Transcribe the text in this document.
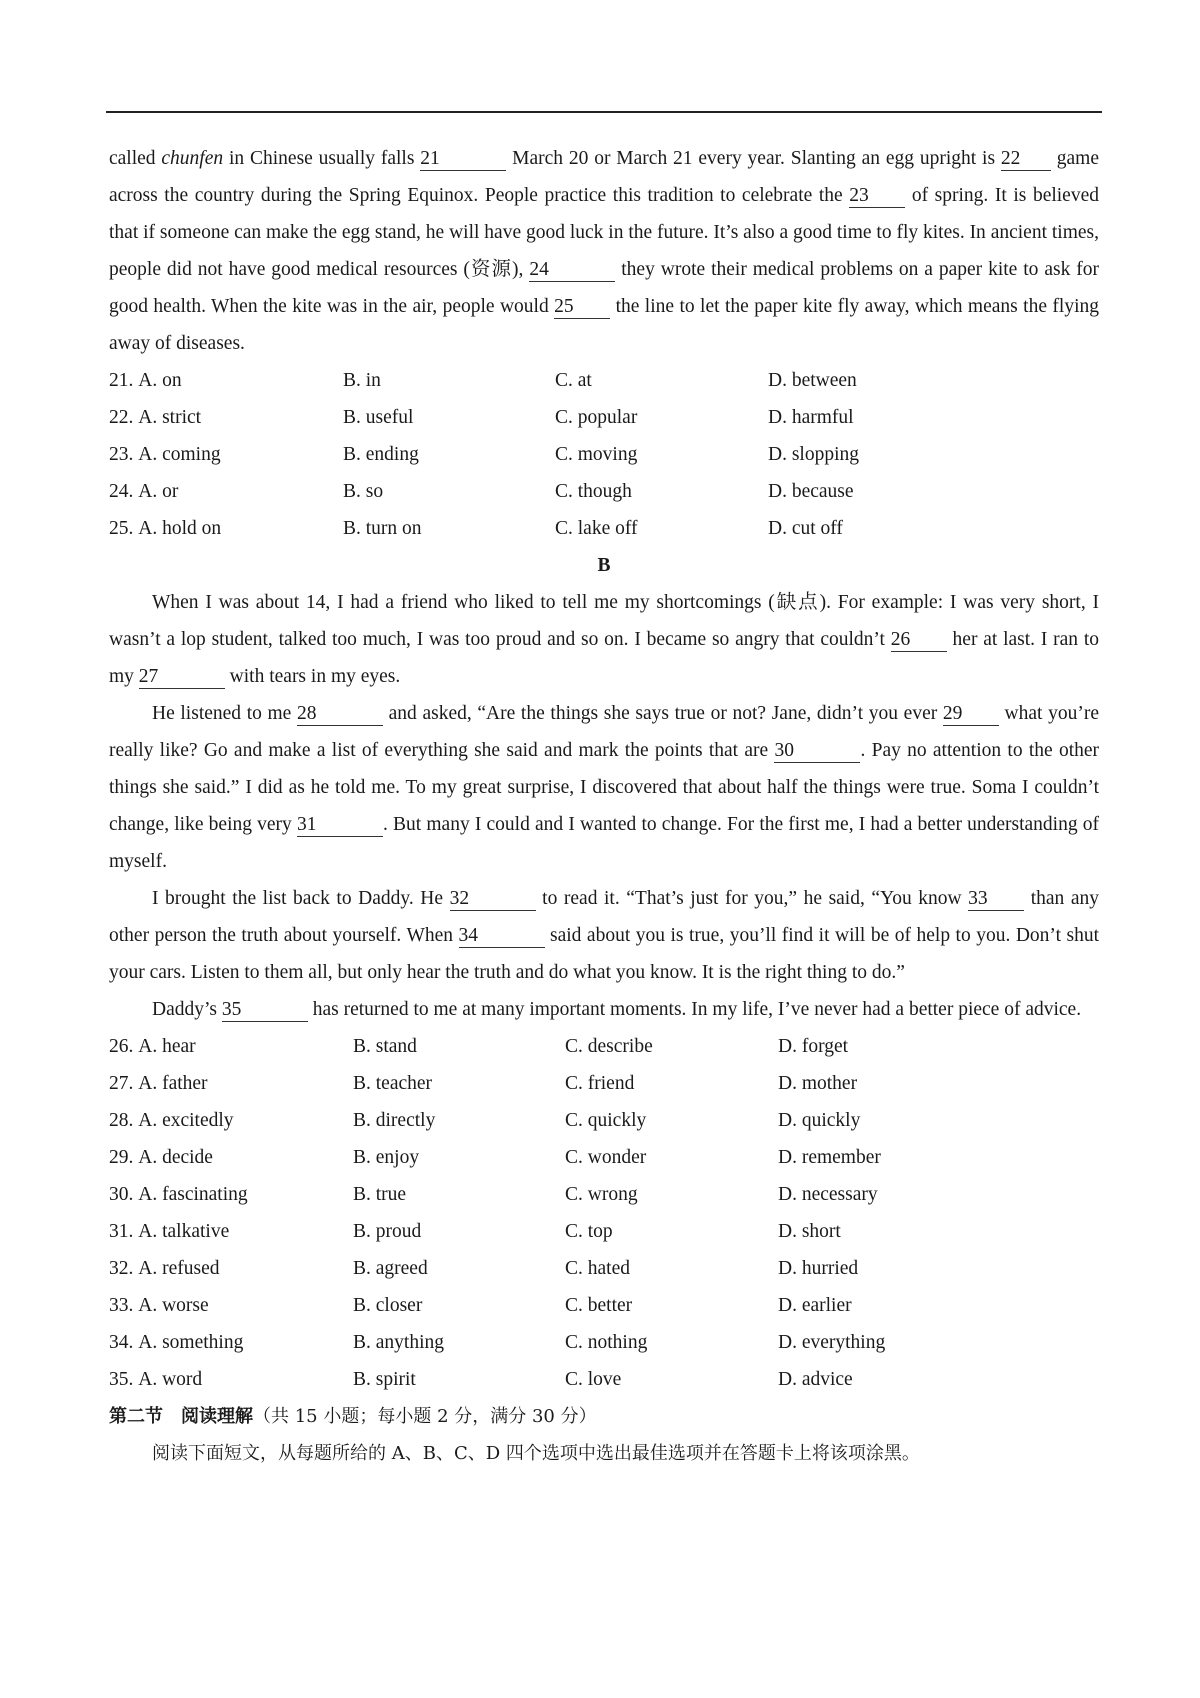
called chunfen in Chinese usually falls 21	March 20 or March 21 every year. Slanting an egg upright is 22 game across the country during the Spring Equinox. People practice this tradition to celebrate the 23 of spring. It is believed that if someone can make the egg stand, he will have good luck in the future. It’s also a good time to fly kites. In ancient times, people did not have good medical resources (资源), 24	they wrote their medical problems on a paper kite to ask for good health. When the kite was in the air, people would 25 the line to let the paper kite fly away, which means the flying away of diseases.

21. A. on	B. in	C. at	D. between
22. A. strict	B. useful	C. popular	D. harmful
23. A. coming	B. ending	C. moving	D. slopping
24. A. or	B. so	C. though	D. because
25. A. hold on	B. turn on	C. lake off	D. cut off
B

When I was about 14, I had a friend who liked to tell me my shortcomings (缺点). For example: I was very short, I wasn’t a lop student, talked too much, I was too proud and so on. I became so angry that couldn’t 26 her at last. I ran to my 27	with tears in my eyes.

He listened to me 28	and asked, “Are the things she says true or not? Jane, didn’t you ever 29 what you’re really like? Go and make a list of everything she said and mark the points that are 30	. Pay no attention to the other things she said.” I did as he told me. To my great surprise, I discovered that about half the things were true. Soma I couldn’t change, like being very 31	. But many I could and I wanted to change. For the first me, I had a better understanding of myself.

I brought the list back to Daddy. He 32	to read it. “That’s just for you,” he said, “You know 33 than any other person the truth about yourself. When 34	said about you is true, you’ll find it will be of help to you. Don’t shut your cars. Listen to them all, but only hear the truth and do what you know. It is the right thing to do.”

Daddy’s 35	has returned to me at many important moments. In my life, I’ve never had a better piece of advice.

26. A. hear	B. stand	C. describe	D. forget
27. A. father	B. teacher	C. friend	D. mother
28. A. excitedly	B. directly	C. quickly	D. quickly
29. A. decide	B. enjoy	C. wonder	D. remember
30. A. fascinating	B. true	C. wrong	D. necessary
31. A. talkative	B. proud	C. top	D. short
32. A. refused	B. agreed	C. hated	D. hurried
33. A. worse	B. closer	C. better	D. earlier
34. A. something	B. anything	C. nothing	D. everything
35. A. word	B. spirit	C. love	D. advice
第二节　阅读理解（共 15 小题；每小题 2 分，满分 30 分）
阅读下面短文，从每题所给的 A、B、C、D 四个选项中选出最佳选项并在答题卡上将该项涂黑。
